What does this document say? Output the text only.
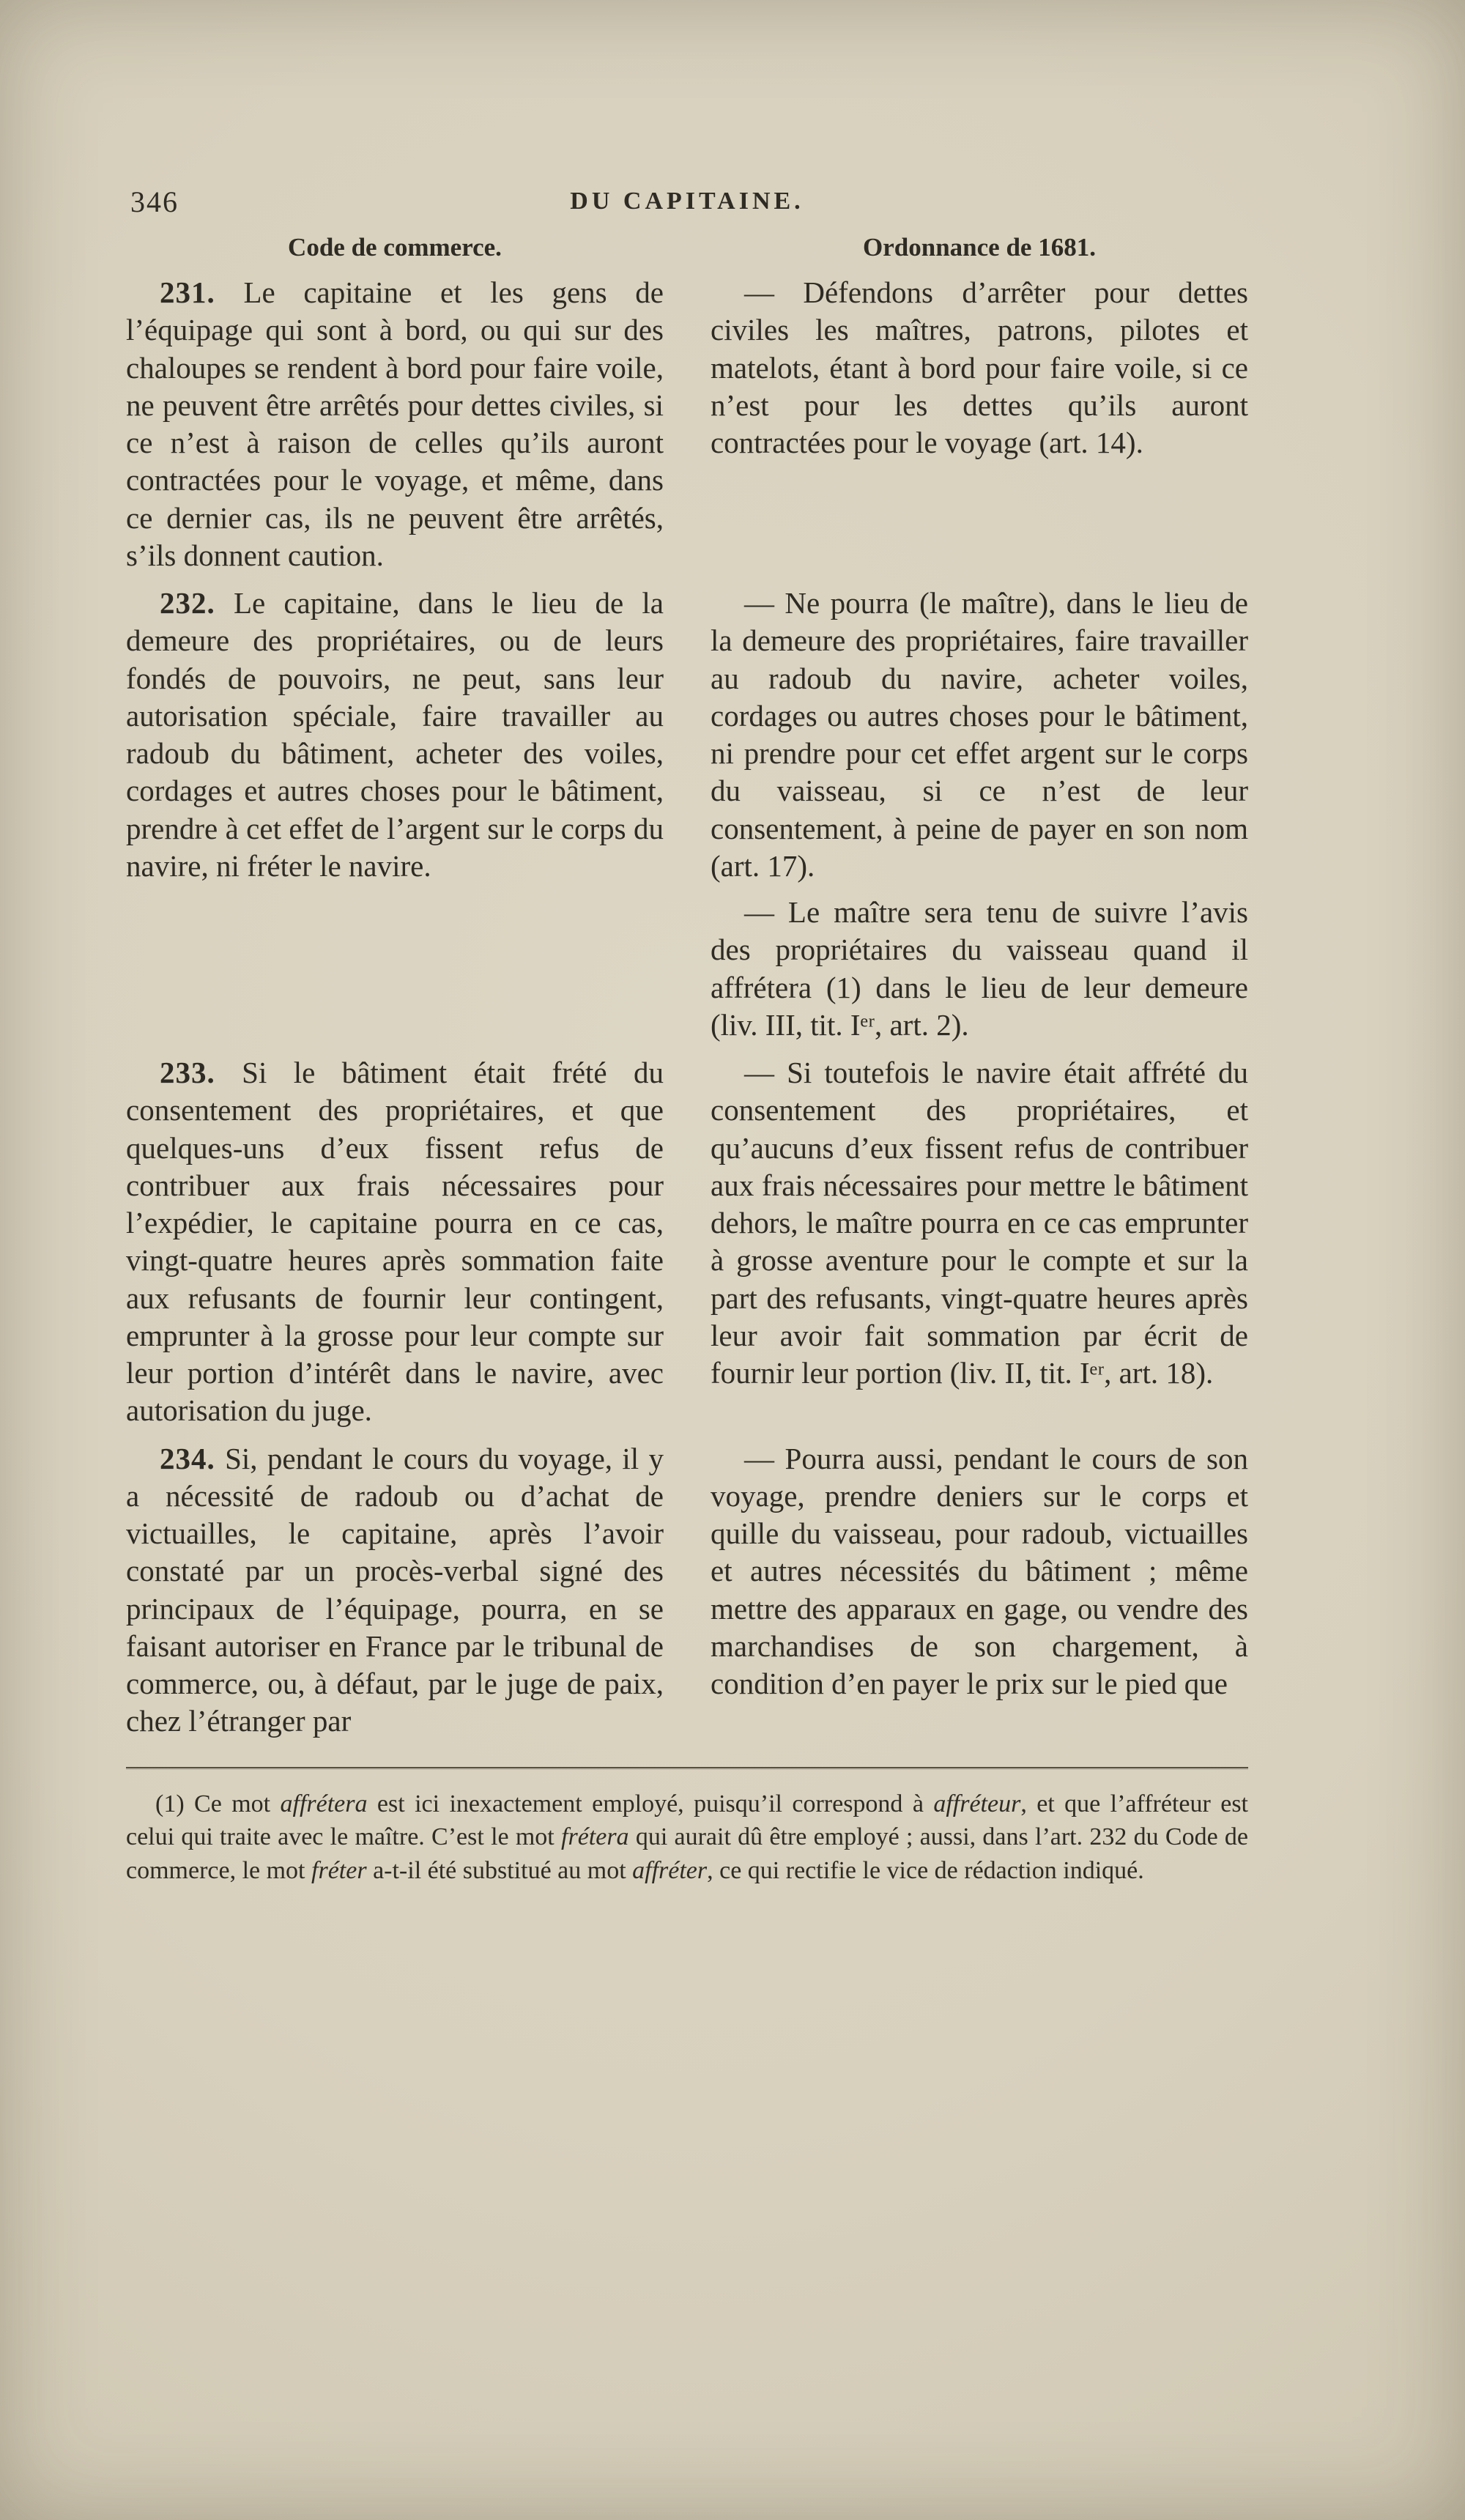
346	DU CAPITAINE.
Code de commerce.	Ordonnance de 1681.

231. Le capitaine et les gens de l’équipage qui sont à bord, ou qui sur des chaloupes se rendent à bord pour faire voile, ne peuvent être arrêtés pour dettes civiles, si ce n’est à raison de celles qu’ils auront contractées pour le voyage, et même, dans ce dernier cas, ils ne peuvent être arrêtés, s’ils donnent caution.

— Défendons d’arrêter pour dettes civiles les maîtres, patrons, pilotes et matelots, étant à bord pour faire voile, si ce n’est pour les dettes qu’ils auront contractées pour le voyage (art. 14).

232. Le capitaine, dans le lieu de la demeure des propriétaires, ou de leurs fondés de pouvoirs, ne peut, sans leur autorisation spéciale, faire travailler au radoub du bâtiment, acheter des voiles, cordages et autres choses pour le bâtiment, prendre à cet effet de l’argent sur le corps du navire, ni fréter le navire.

— Ne pourra (le maître), dans le lieu de la demeure des propriétaires, faire travailler au radoub du navire, acheter voiles, cordages ou autres choses pour le bâtiment, ni prendre pour cet effet argent sur le corps du vaisseau, si ce n’est de leur consentement, à peine de payer en son nom (art. 17).

— Le maître sera tenu de suivre l’avis des propriétaires du vaisseau quand il affrétera (1) dans le lieu de leur demeure (liv. III, tit. Iᵉʳ, art. 2).

233. Si le bâtiment était frété du consentement des propriétaires, et que quelques-uns d’eux fissent refus de contribuer aux frais nécessaires pour l’expédier, le capitaine pourra en ce cas, vingt-quatre heures après sommation faite aux refusants de fournir leur contingent, emprunter à la grosse pour leur compte sur leur portion d’intérêt dans le navire, avec autorisation du juge.

— Si toutefois le navire était affrété du consentement des propriétaires, et qu’aucuns d’eux fissent refus de contribuer aux frais nécessaires pour mettre le bâtiment dehors, le maître pourra en ce cas emprunter à grosse aventure pour le compte et sur la part des refusants, vingt-quatre heures après leur avoir fait sommation par écrit de fournir leur portion (liv. II, tit. Iᵉʳ, art. 18).

234. Si, pendant le cours du voyage, il y a nécessité de radoub ou d’achat de victuailles, le capitaine, après l’avoir constaté par un procès-verbal signé des principaux de l’équipage, pourra, en se faisant autoriser en France par le tribunal de commerce, ou, à défaut, par le juge de paix, chez l’étranger par

— Pourra aussi, pendant le cours de son voyage, prendre deniers sur le corps et quille du vaisseau, pour radoub, victuailles et autres nécessités du bâtiment ; même mettre des apparaux en gage, ou vendre des marchandises de son chargement, à condition d’en payer le prix sur le pied que

(1) Ce mot affrétera est ici inexactement employé, puisqu’il correspond à affréteur, et que l’affréteur est celui qui traite avec le maître. C’est le mot frétera qui aurait dû être employé ; aussi, dans l’art. 232 du Code de commerce, le mot fréter a-t-il été substitué au mot affréter, ce qui rectifie le vice de rédaction indiqué.
